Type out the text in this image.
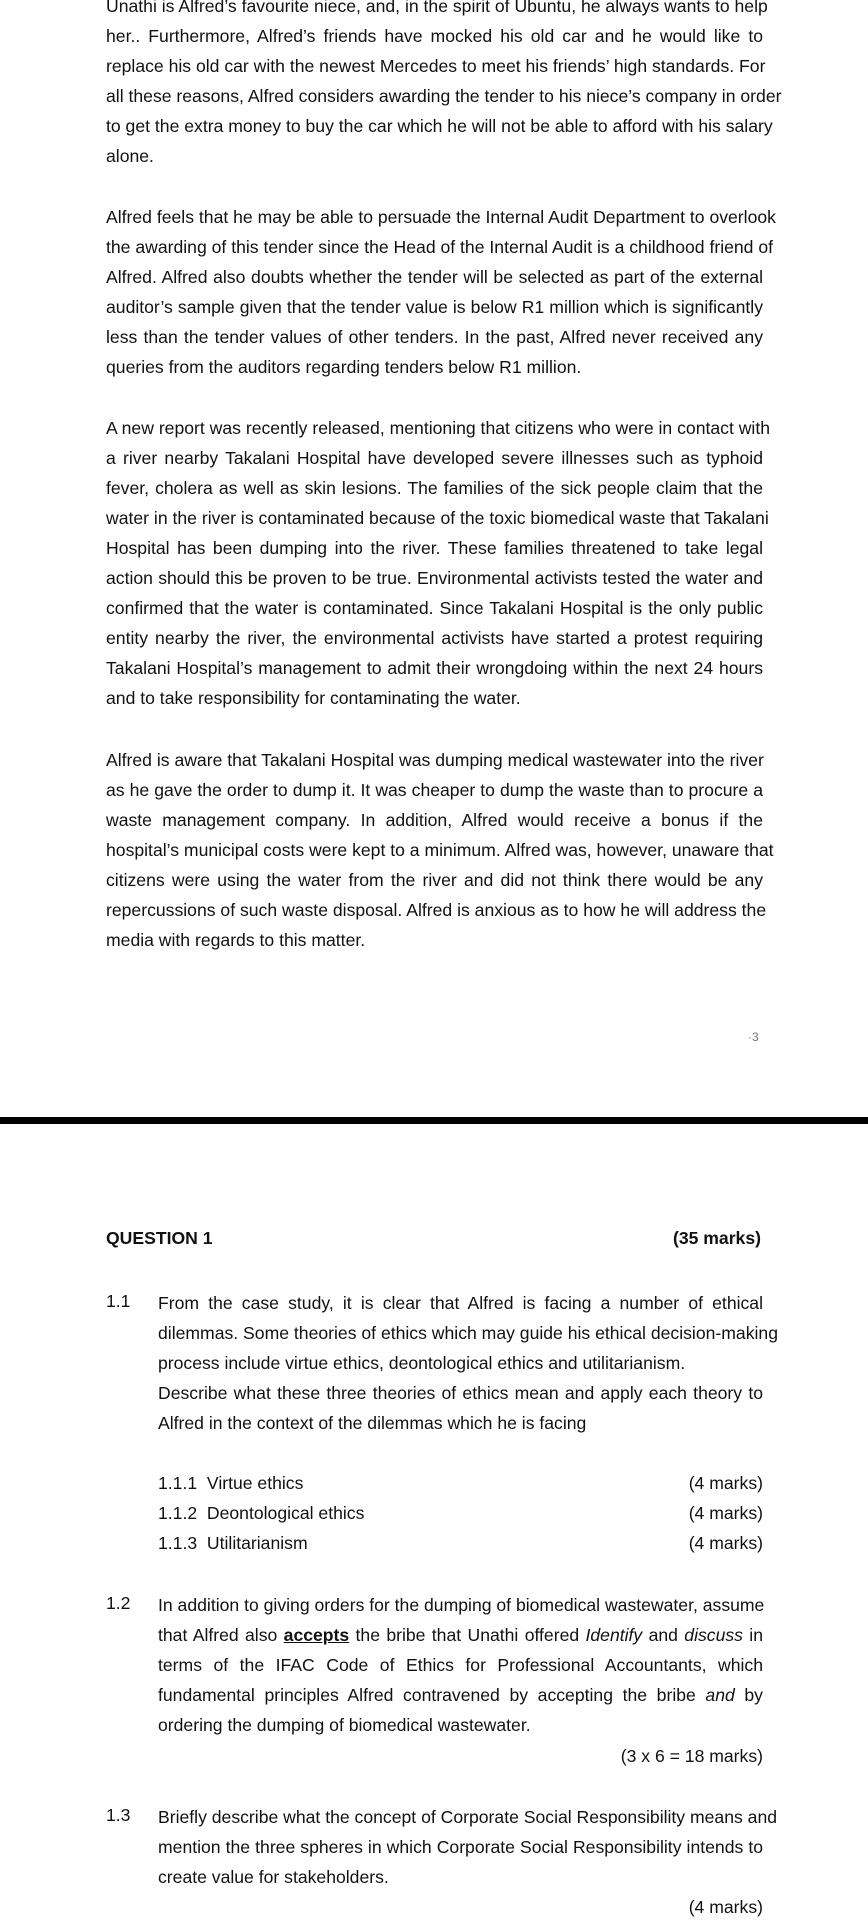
Unathi is Alfred’s favourite niece, and, in the spirit of Ubuntu, he always wants to help
her.. Furthermore, Alfred’s friends have mocked his old car and he would like to
replace his old car with the newest Mercedes to meet his friends’ high standards. For
all these reasons, Alfred considers awarding the tender to his niece’s company in order
to get the extra money to buy the car which he will not be able to afford with his salary
alone.
Alfred feels that he may be able to persuade the Internal Audit Department to overlook
the awarding of this tender since the Head of the Internal Audit is a childhood friend of
Alfred. Alfred also doubts whether the tender will be selected as part of the external
auditor’s sample given that the tender value is below R1 million which is significantly
less than the tender values of other tenders. In the past, Alfred never received any
queries from the auditors regarding tenders below R1 million.
A new report was recently released, mentioning that citizens who were in contact with
a river nearby Takalani Hospital have developed severe illnesses such as typhoid
fever, cholera as well as skin lesions. The families of the sick people claim that the
water in the river is contaminated because of the toxic biomedical waste that Takalani
Hospital has been dumping into the river. These families threatened to take legal
action should this be proven to be true. Environmental activists tested the water and
confirmed that the water is contaminated. Since Takalani Hospital is the only public
entity nearby the river, the environmental activists have started a protest requiring
Takalani Hospital’s management to admit their wrongdoing within the next 24 hours
and to take responsibility for contaminating the water.
Alfred is aware that Takalani Hospital was dumping medical wastewater into the river
as he gave the order to dump it. It was cheaper to dump the waste than to procure a
waste management company. In addition, Alfred would receive a bonus if the
hospital’s municipal costs were kept to a minimum. Alfred was, however, unaware that
citizens were using the water from the river and did not think there would be any
repercussions of such waste disposal. Alfred is anxious as to how he will address the
media with regards to this matter.
·3
QUESTION 1	(35 marks)
1.1 From the case study, it is clear that Alfred is facing a number of ethical
dilemmas. Some theories of ethics which may guide his ethical decision-making
process include virtue ethics, deontological ethics and utilitarianism.
Describe what these three theories of ethics mean and apply each theory to
Alfred in the context of the dilemmas which he is facing
1.1.1  Virtue ethics	(4 marks)
1.1.2  Deontological ethics	(4 marks)
1.1.3  Utilitarianism	(4 marks)
1.2 In addition to giving orders for the dumping of biomedical wastewater, assume
that Alfred also accepts the bribe that Unathi offered Identify and discuss in
terms of the IFAC Code of Ethics for Professional Accountants, which
fundamental principles Alfred contravened by accepting the bribe and by
ordering the dumping of biomedical wastewater.
(3 x 6 = 18 marks)
1.3 Briefly describe what the concept of Corporate Social Responsibility means and
mention the three spheres in which Corporate Social Responsibility intends to
create value for stakeholders.
(4 marks)
